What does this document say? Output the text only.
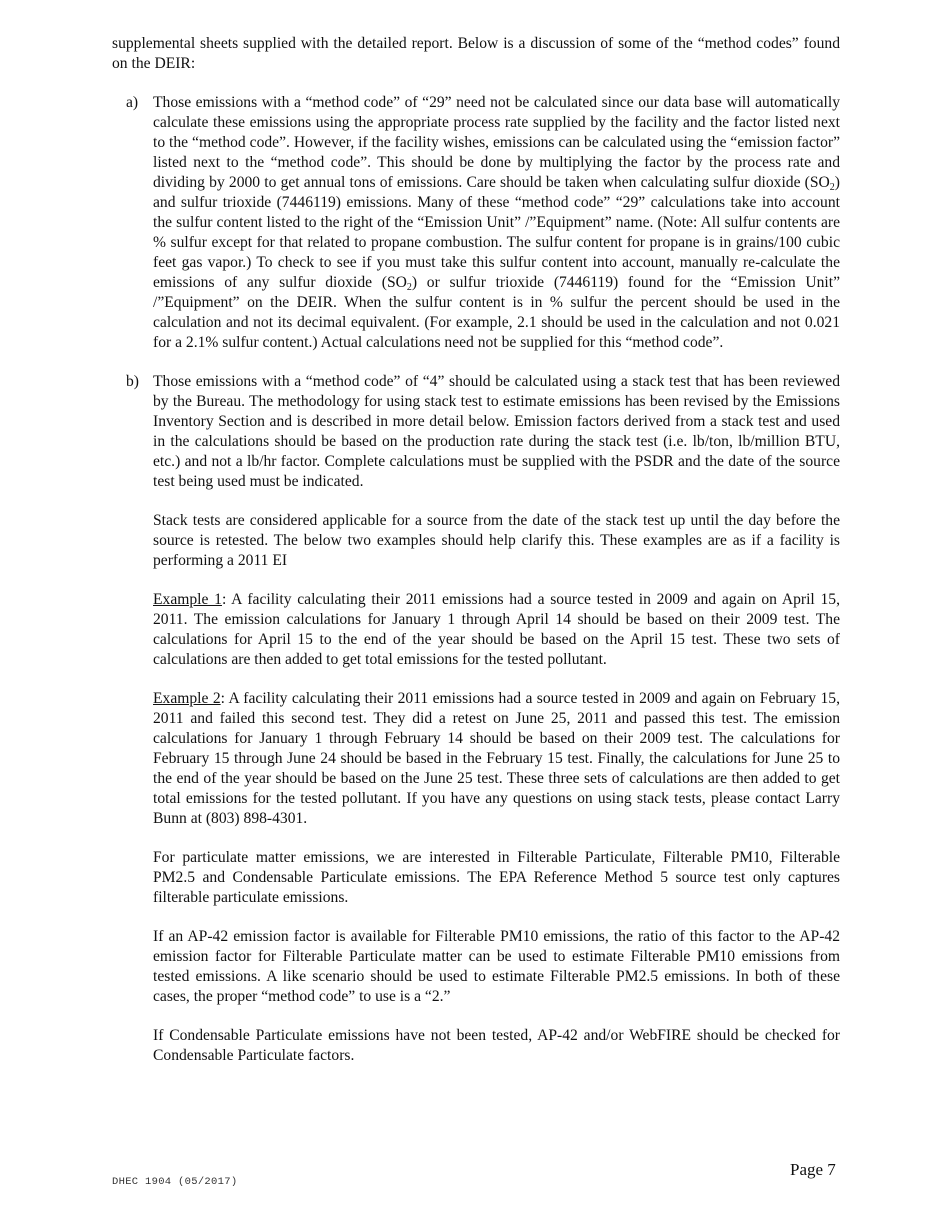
supplemental sheets supplied with the detailed report. Below is a discussion of some of the “method codes” found on the DEIR:

a) Those emissions with a “method code” of “29” need not be calculated since our data base will automatically calculate these emissions using the appropriate process rate supplied by the facility and the factor listed next to the “method code”. However, if the facility wishes, emissions can be calculated using the “emission factor” listed next to the “method code”. This should be done by multiplying the factor by the process rate and dividing by 2000 to get annual tons of emissions. Care should be taken when calculating sulfur dioxide $(SO_2)$ and sulfur trioxide (7446119) emissions. Many of these “method code” “29” calculations take into account the sulfur content listed to the right of the “Emission Unit” /”Equipment” name. (Note: All sulfur contents are % sulfur except for that related to propane combustion. The sulfur content for propane is in grains/100 cubic feet gas vapor.) To check to see if you must take this sulfur content into account, manually re-calculate the emissions of any sulfur dioxide $(SO_2)$ or sulfur trioxide (7446119) found for the “Emission Unit” /”Equipment” on the DEIR. When the sulfur content is in % sulfur the percent should be used in the calculation and not its decimal equivalent. (For example, 2.1 should be used in the calculation and not 0.021 for a 2.1% sulfur content.) Actual calculations need not be supplied for this “method code”.

b) Those emissions with a “method code” of “4” should be calculated using a stack test that has been reviewed by the Bureau. The methodology for using stack test to estimate emissions has been revised by the Emissions Inventory Section and is described in more detail below. Emission factors derived from a stack test and used in the calculations should be based on the production rate during the stack test (i.e. lb/ton, lb/million BTU, etc.) and not a lb/hr factor. Complete calculations must be supplied with the PSDR and the date of the source test being used must be indicated.

Stack tests are considered applicable for a source from the date of the stack test up until the day before the source is retested. The below two examples should help clarify this. These examples are as if a facility is performing a 2011 EI

Example 1: A facility calculating their 2011 emissions had a source tested in 2009 and again on April 15, 2011. The emission calculations for January 1 through April 14 should be based on their 2009 test. The calculations for April 15 to the end of the year should be based on the April 15 test. These two sets of calculations are then added to get total emissions for the tested pollutant.

Example 2: A facility calculating their 2011 emissions had a source tested in 2009 and again on February 15, 2011 and failed this second test. They did a retest on June 25, 2011 and passed this test. The emission calculations for January 1 through February 14 should be based on their 2009 test. The calculations for February 15 through June 24 should be based in the February 15 test. Finally, the calculations for June 25 to the end of the year should be based on the June 25 test. These three sets of calculations are then added to get total emissions for the tested pollutant. If you have any questions on using stack tests, please contact Larry Bunn at (803) 898-4301.

For particulate matter emissions, we are interested in Filterable Particulate, Filterable PM10, Filterable PM2.5 and Condensable Particulate emissions. The EPA Reference Method 5 source test only captures filterable particulate emissions.

If an AP-42 emission factor is available for Filterable PM10 emissions, the ratio of this factor to the AP-42 emission factor for Filterable Particulate matter can be used to estimate Filterable PM10 emissions from tested emissions. A like scenario should be used to estimate Filterable PM2.5 emissions. In both of these cases, the proper “method code” to use is a “2.”

If Condensable Particulate emissions have not been tested, AP-42 and/or WebFIRE should be checked for Condensable Particulate factors.

DHEC 1904 (05/2017)
Page 7
